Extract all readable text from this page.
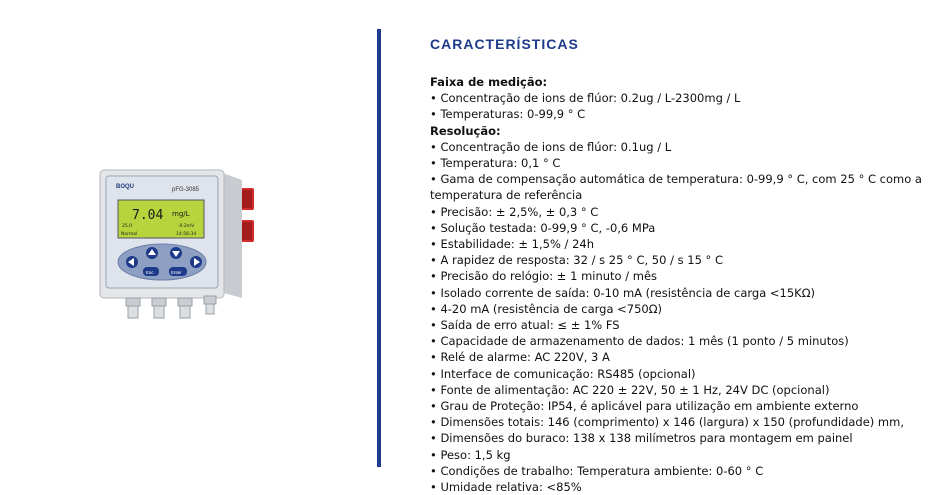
BOQU	pFG-3085
7.04 mg/L
25.0	-0.2mV
Normal	14:56:34
Esc	Enter
CARACTERÍSTICAS
Faixa de medição:
• Concentração de ions de flúor: 0.2ug / L-2300mg / L
• Temperaturas: 0-99,9 ° C
Resolução:
• Concentração de ions de flúor: 0.1ug / L
• Temperatura: 0,1 ° C
• Gama de compensação automática de temperatura: 0-99,9 ° C, com 25 ° C como a temperatura de referência
• Precisão: ± 2,5%, ± 0,3 ° C
• Solução testada: 0-99,9 ° C, -0,6 MPa
• Estabilidade: ± 1,5% / 24h
• A rapidez de resposta: 32 / s 25 ° C, 50 / s 15 ° C
• Precisão do relógio: ± 1 minuto / mês
• Isolado corrente de saída: 0-10 mA (resistência de carga <15KΩ)
• 4-20 mA (resistência de carga <750Ω)
• Saída de erro atual: ≤ ± 1% FS
• Capacidade de armazenamento de dados: 1 mês (1 ponto / 5 minutos)
• Relé de alarme: AC 220V, 3 A
• Interface de comunicação: RS485 (opcional)
• Fonte de alimentação: AC 220 ± 22V, 50 ± 1 Hz, 24V DC (opcional)
• Grau de Proteção: IP54, é aplicável para utilização em ambiente externo
• Dimensões totais: 146 (comprimento) x 146 (largura) x 150 (profundidade) mm,
• Dimensões do buraco: 138 x 138 milímetros para montagem em painel
• Peso: 1,5 kg
• Condições de trabalho: Temperatura ambiente: 0-60 ° C
• Umidade relativa: <85%
